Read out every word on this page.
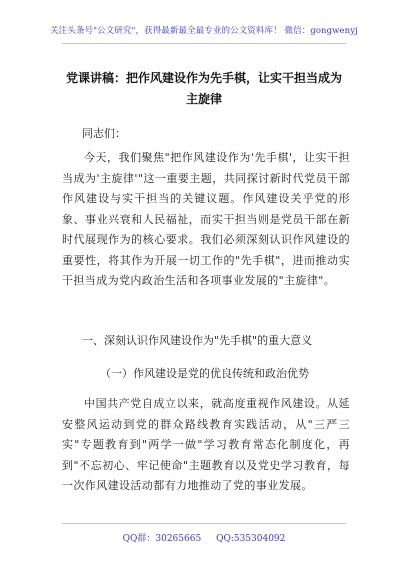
关注头条号"公文研究"，获得最新最全最专业的公文资料库！ 微信：gongwenyj
党课讲稿：把作风建设作为先手棋，让实干担当成为主旋律
同志们：
今天，我们聚焦"把作风建设作为'先手棋'，让实干担当成为'主旋律'"这一重要主题，共同探讨新时代党员干部作风建设与实干担当的关键议题。作风建设关乎党的形象、事业兴衰和人民福祉，而实干担当则是党员干部在新时代展现作为的核心要求。我们必须深刻认识作风建设的重要性，将其作为开展一切工作的"先手棋"，进而推动实干担当成为党内政治生活和各项事业发展的"主旋律"。
一、深刻认识作风建设作为"先手棋"的重大意义
（一）作风建设是党的优良传统和政治优势
中国共产党自成立以来，就高度重视作风建设。从延安整风运动到党的群众路线教育实践活动，从"三严三实"专题教育到"两学一做"学习教育常态化制度化，再到"不忘初心、牢记使命"主题教育以及党史学习教育，每一次作风建设活动都有力地推动了党的事业发展。
QQ群：30265665 QQ:535304092
